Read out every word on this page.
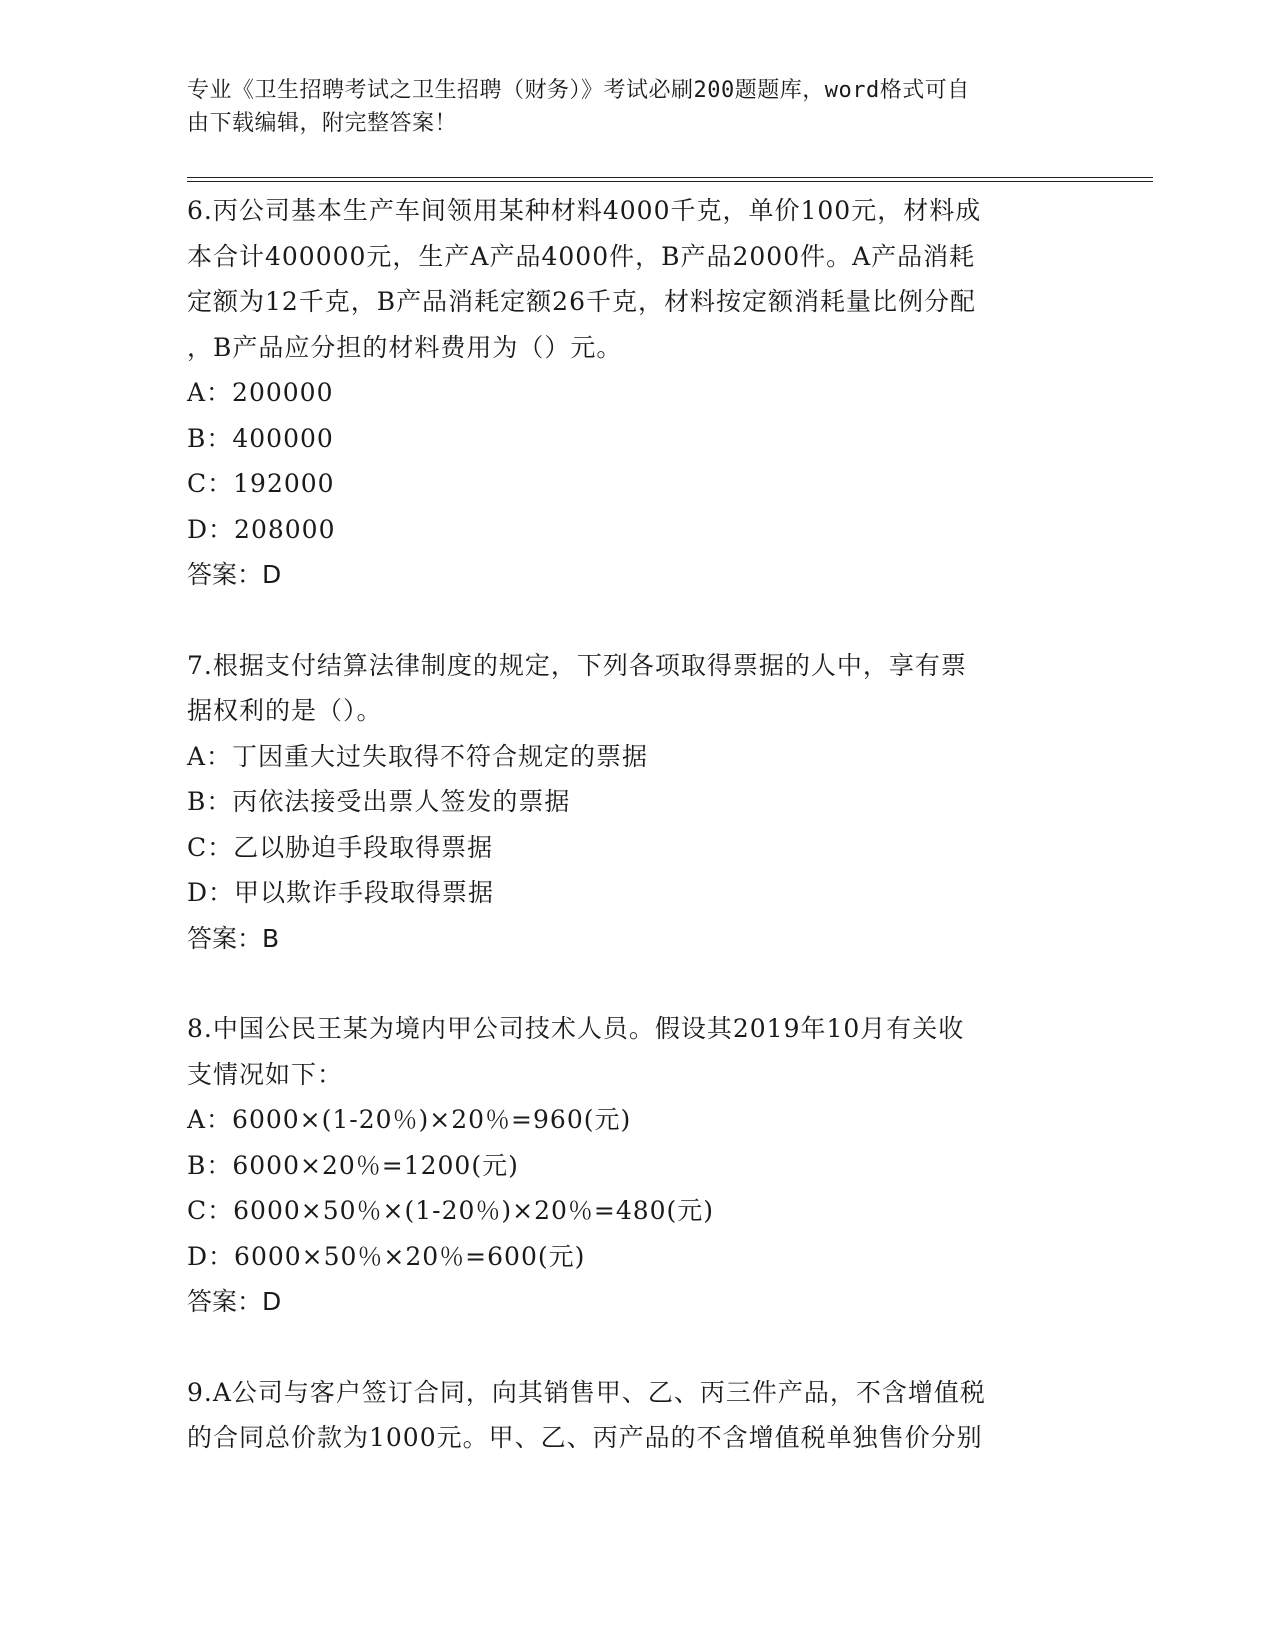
专业《卫生招聘考试之卫生招聘（财务）》考试必刷200题题库，word格式可自
由下载编辑，附完整答案！

6.丙公司基本生产车间领用某种材料4000千克，单价100元，材料成

本合计400000元，生产A产品4000件，B产品2000件。A产品消耗

定额为12千克，B产品消耗定额26千克，材料按定额消耗量比例分配

，B产品应分担的材料费用为（）元。

A：200000

B：400000

C：192000

D：208000

答案：D

7.根据支付结算法律制度的规定，下列各项取得票据的人中，享有票

据权利的是（）。

A：丁因重大过失取得不符合规定的票据

B：丙依法接受出票人签发的票据

C：乙以胁迫手段取得票据

D：甲以欺诈手段取得票据

答案：B

8.中国公民王某为境内甲公司技术人员。假设其2019年10月有关收

支情况如下：

A：6000×(1-20％)×20％=960(元)

B：6000×20％=1200(元)

C：6000×50％×(1-20％)×20％=480(元)

D：6000×50％×20％=600(元)

答案：D

9.A公司与客户签订合同，向其销售甲、乙、丙三件产品，不含增值税

的合同总价款为1000元。甲、乙、丙产品的不含增值税单独售价分别
